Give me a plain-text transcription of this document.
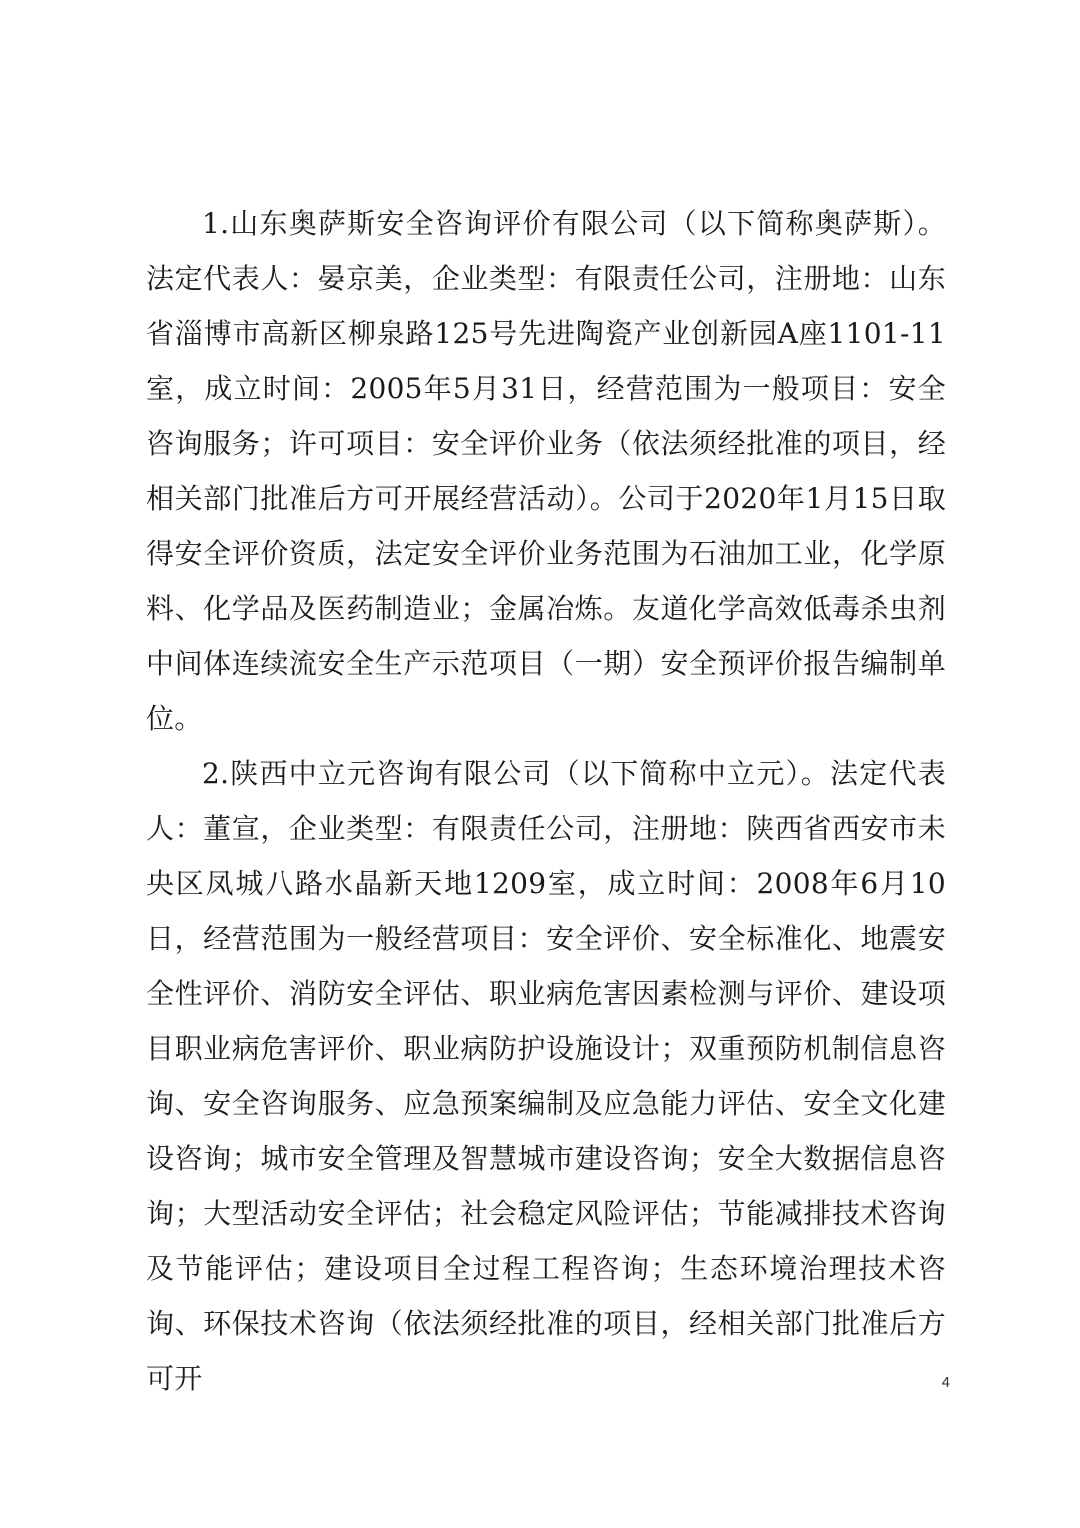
1.山东奥萨斯安全咨询评价有限公司（以下简称奥萨斯）。法定代表人：晏京美，企业类型：有限责任公司，注册地：山东省淄博市高新区柳泉路125号先进陶瓷产业创新园A座1101-11室，成立时间：2005年5月31日，经营范围为一般项目：安全咨询服务；许可项目：安全评价业务（依法须经批准的项目，经相关部门批准后方可开展经营活动）。公司于2020年1月15日取得安全评价资质，法定安全评价业务范围为石油加工业，化学原料、化学品及医药制造业；金属冶炼。友道化学高效低毒杀虫剂中间体连续流安全生产示范项目（一期）安全预评价报告编制单位。

2.陕西中立元咨询有限公司（以下简称中立元）。法定代表人：董宣，企业类型：有限责任公司，注册地：陕西省西安市未央区凤城八路水晶新天地1209室，成立时间：2008年6月10日，经营范围为一般经营项目：安全评价、安全标准化、地震安全性评价、消防安全评估、职业病危害因素检测与评价、建设项目职业病危害评价、职业病防护设施设计；双重预防机制信息咨询、安全咨询服务、应急预案编制及应急能力评估、安全文化建设咨询；城市安全管理及智慧城市建设咨询；安全大数据信息咨询；大型活动安全评估；社会稳定风险评估；节能减排技术咨询及节能评估；建设项目全过程工程咨询；生态环境治理技术咨询、环保技术咨询（依法须经批准的项目，经相关部门批准后方可开	4
